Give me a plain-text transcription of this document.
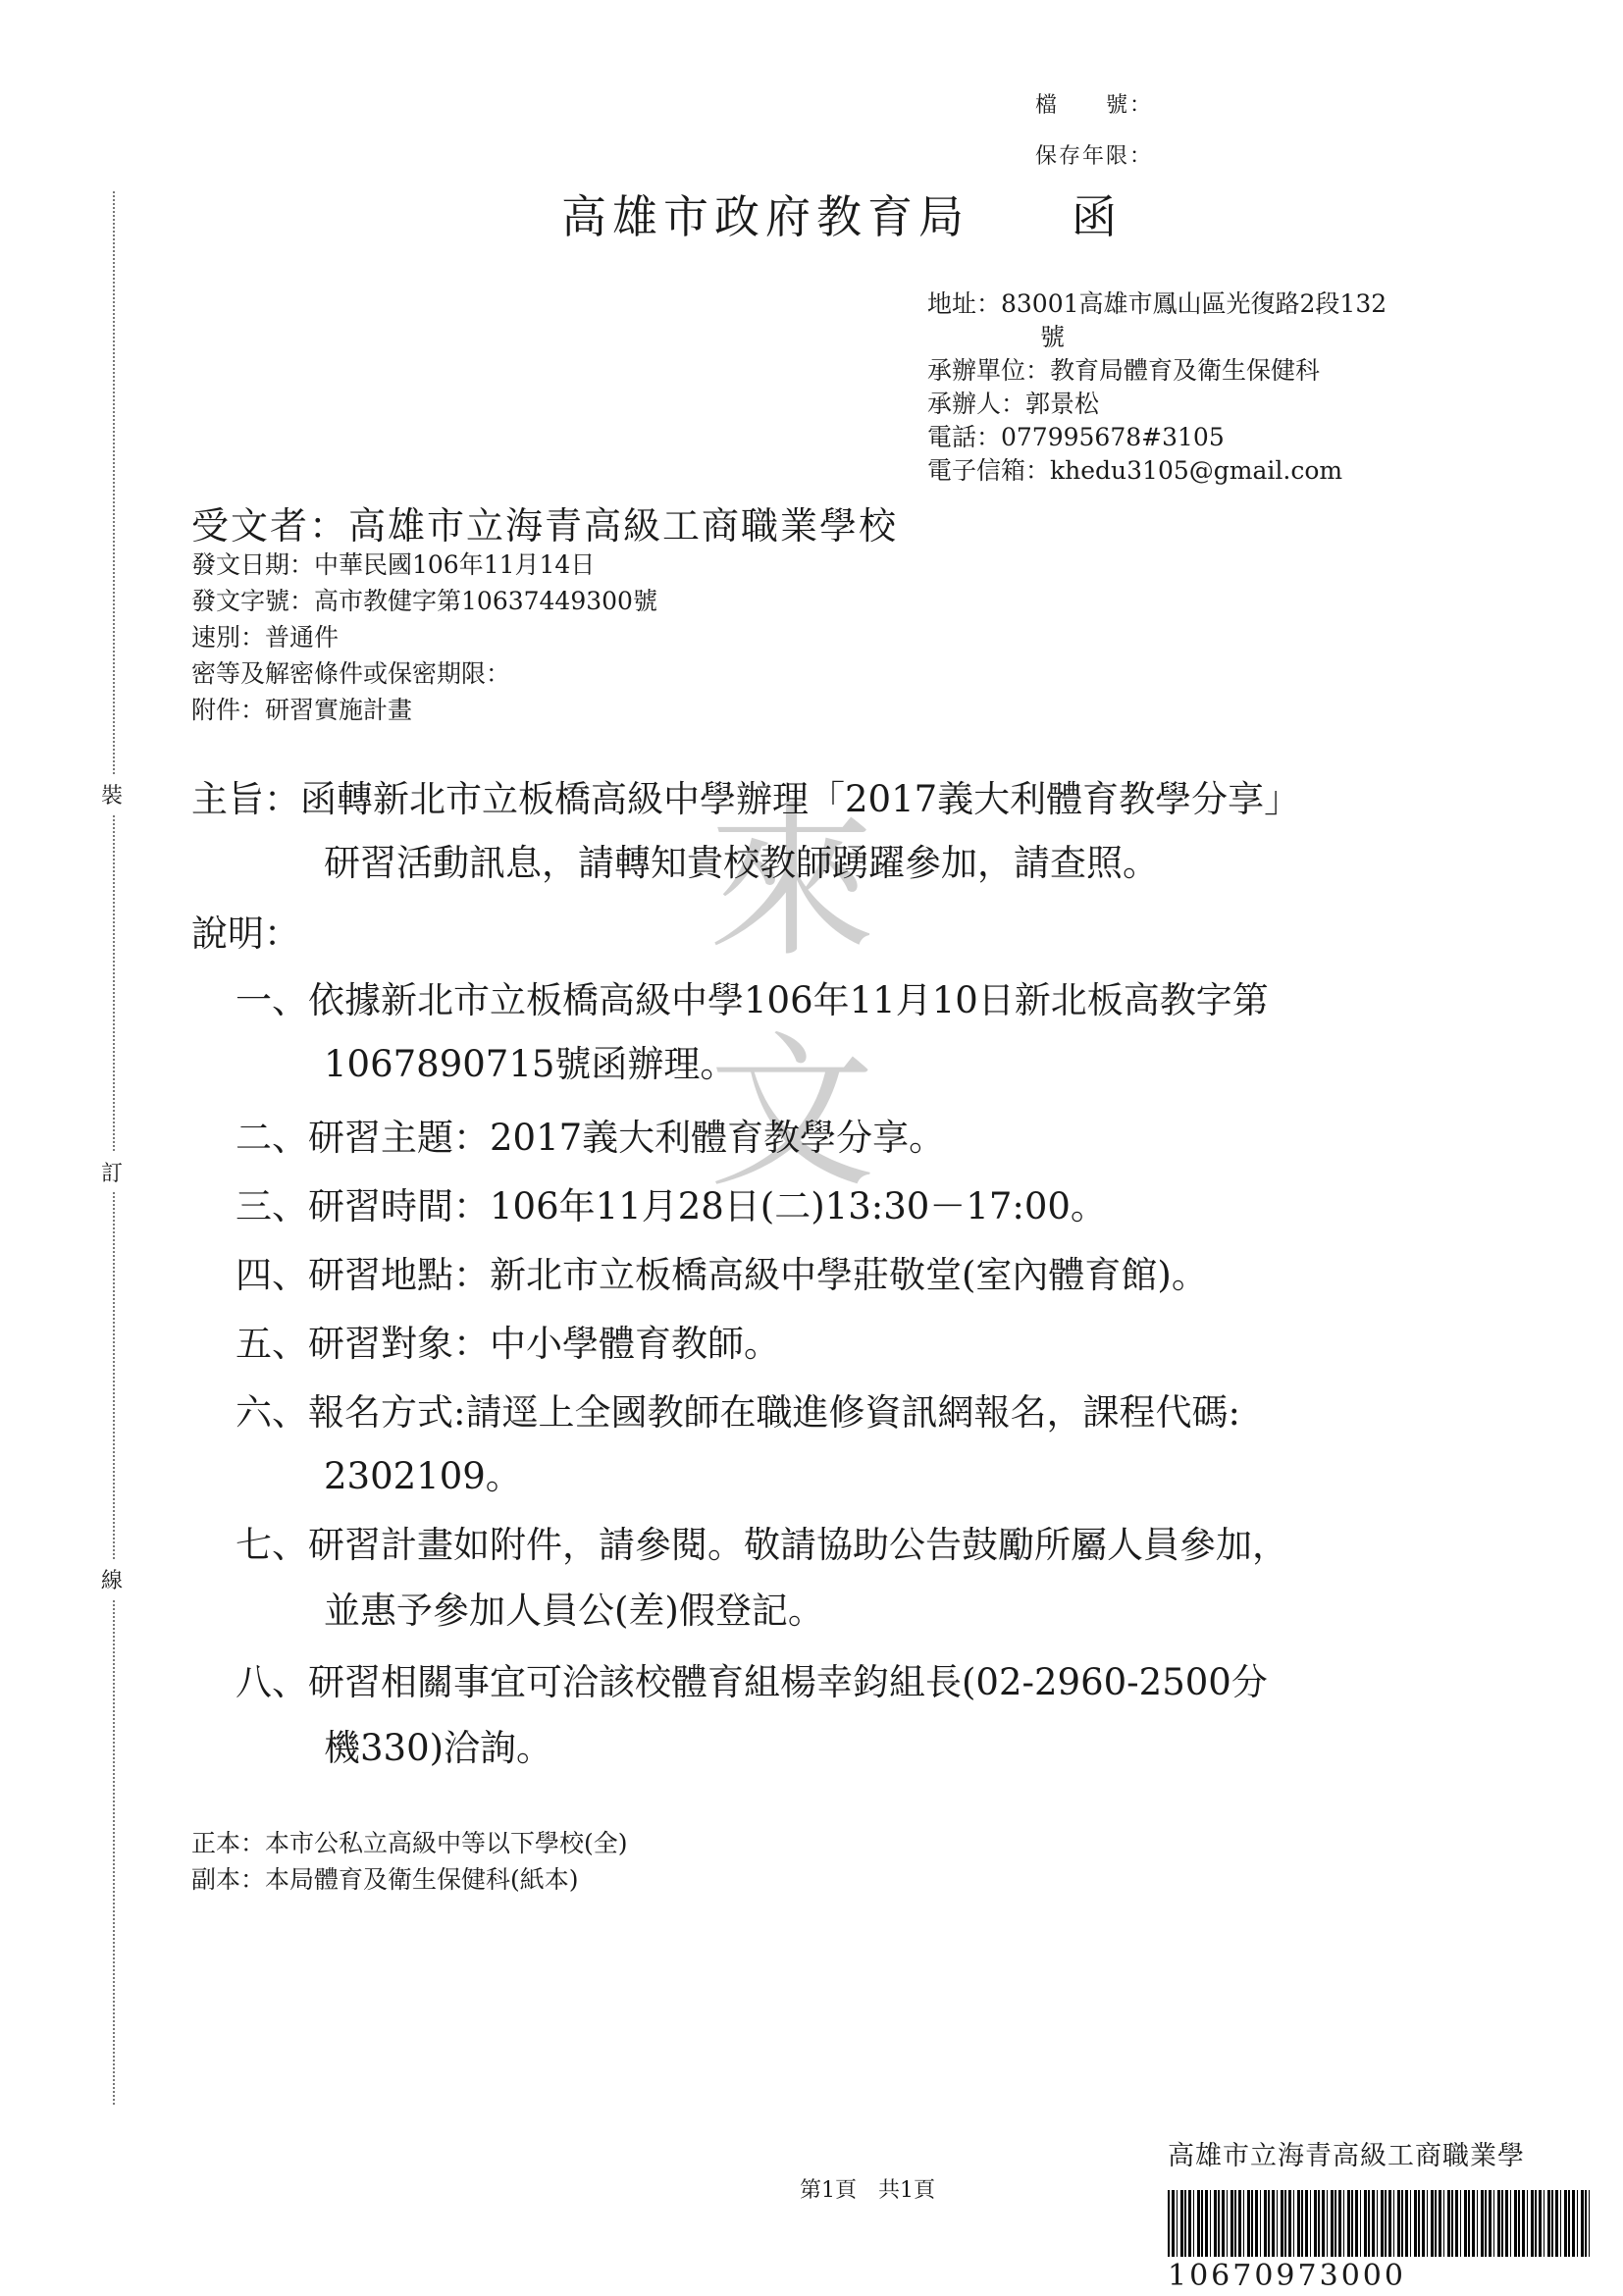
裝
訂
線
檔　　號：
保存年限：
高雄市政府教育局　　函
地址：83001高雄市鳳山區光復路2段132
號
承辦單位：教育局體育及衛生保健科
承辦人：郭景松
電話：077995678#3105
電子信箱：khedu3105@gmail.com
受文者：高雄市立海青高級工商職業學校
發文日期：中華民國106年11月14日
發文字號：高市教健字第10637449300號
速別：普通件
密等及解密條件或保密期限：
附件：研習實施計畫
來
文
主旨：函轉新北市立板橋高級中學辦理「2017義大利體育教學分享」
研習活動訊息，請轉知貴校教師踴躍參加，請查照。
說明：
一、依據新北市立板橋高級中學106年11月10日新北板高教字第
1067890715號函辦理。
二、研習主題：2017義大利體育教學分享。
三、研習時間：106年11月28日(二)13:30－17:00。
四、研習地點：新北市立板橋高級中學莊敬堂(室內體育館)。
五、研習對象：中小學體育教師。
六、報名方式:請逕上全國教師在職進修資訊網報名，課程代碼:
2302109。
七、研習計畫如附件，請參閱。敬請協助公告鼓勵所屬人員參加，
並惠予參加人員公(差)假登記。
八、研習相關事宜可洽該校體育組楊幸鈞組長(02-2960-2500分
機330)洽詢。
正本：本市公私立高級中等以下學校(全)
副本：本局體育及衛生保健科(紙本)
第1頁　共1頁
高雄市立海青高級工商職業學
10670973000
